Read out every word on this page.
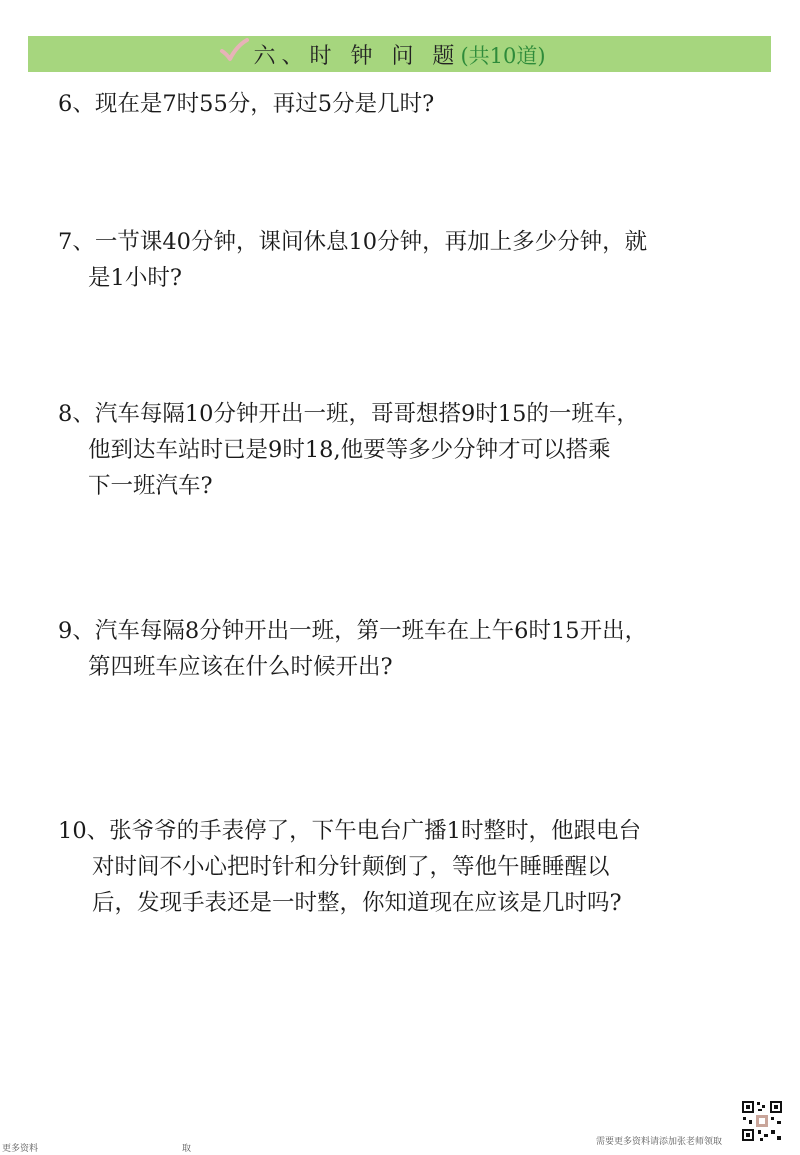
六、时 钟 问 题 (共10道)
6、现在是7时55分，再过5分是几时?
7、一节课40分钟，课间休息10分钟，再加上多少分钟，就
是1小时?
8、汽车每隔10分钟开出一班，哥哥想搭9时15的一班车，
他到达车站时已是9时18,他要等多少分钟才可以搭乘
下一班汽车?
9、汽车每隔8分钟开出一班，第一班车在上午6时15开出，
第四班车应该在什么时候开出?
10、张爷爷的手表停了，下午电台广播1时整时，他跟电台
对时间不小心把时针和分针颠倒了，等他午睡睡醒以
后，发现手表还是一时整，你知道现在应该是几时吗?
更多资料	取
需要更多资料请添加张老师领取
